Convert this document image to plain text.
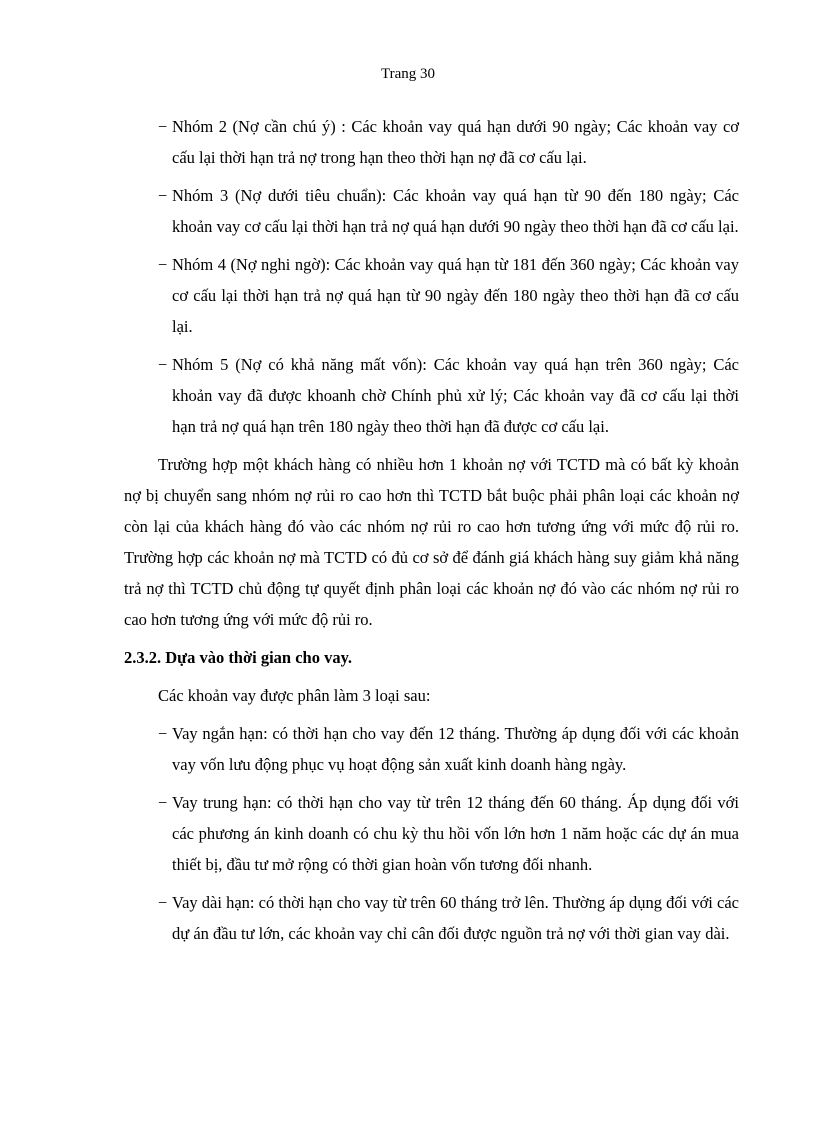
Trang 30
− Nhóm 2 (Nợ cần chú ý) : Các khoản vay quá hạn dưới 90 ngày; Các khoản vay cơ cấu lại thời hạn trả nợ trong hạn theo thời hạn nợ đã cơ cấu lại.
− Nhóm 3 (Nợ dưới tiêu chuẩn): Các khoản vay quá hạn từ 90 đến 180 ngày; Các khoản vay cơ cấu lại thời hạn trả nợ quá hạn dưới 90 ngày theo thời hạn đã cơ cấu lại.
− Nhóm 4 (Nợ nghi ngờ): Các khoản vay quá hạn từ 181 đến 360 ngày; Các khoản vay cơ cấu lại thời hạn trả nợ quá hạn từ 90 ngày đến 180 ngày theo thời hạn đã cơ cấu lại.
− Nhóm 5 (Nợ có khả năng mất vốn): Các khoản vay quá hạn trên 360 ngày; Các khoản vay đã được khoanh chờ Chính phủ xử lý; Các khoản vay đã cơ cấu lại thời hạn trả nợ quá hạn trên 180 ngày theo thời hạn đã được cơ cấu lại.

Trường hợp một khách hàng có nhiều hơn 1 khoản nợ với TCTD mà có bất kỳ khoản nợ bị chuyển sang nhóm nợ rủi ro cao hơn thì TCTD bắt buộc phải phân loại các khoản nợ còn lại của khách hàng đó vào các nhóm nợ rủi ro cao hơn tương ứng với mức độ rủi ro. Trường hợp các khoản nợ mà TCTD có đủ cơ sở để đánh giá khách hàng suy giảm khả năng trả nợ thì TCTD chủ động tự quyết định phân loại các khoản nợ đó vào các nhóm nợ rủi ro cao hơn tương ứng với mức độ rủi ro.

2.3.2. Dựa vào thời gian cho vay.

Các khoản vay được phân làm 3 loại sau:

− Vay ngắn hạn: có thời hạn cho vay đến 12 tháng. Thường áp dụng đối với các khoản vay vốn lưu động phục vụ hoạt động sản xuất kinh doanh hàng ngày.
− Vay trung hạn: có thời hạn cho vay từ trên 12 tháng đến 60 tháng. Áp dụng đối với các phương án kinh doanh có chu kỳ thu hồi vốn lớn hơn 1 năm hoặc các dự án mua thiết bị, đầu tư mở rộng có thời gian hoàn vốn tương đối nhanh.
− Vay dài hạn: có thời hạn cho vay từ trên 60 tháng trở lên. Thường áp dụng đối với các dự án đầu tư lớn, các khoản vay chỉ cân đối được nguồn trả nợ với thời gian vay dài.
